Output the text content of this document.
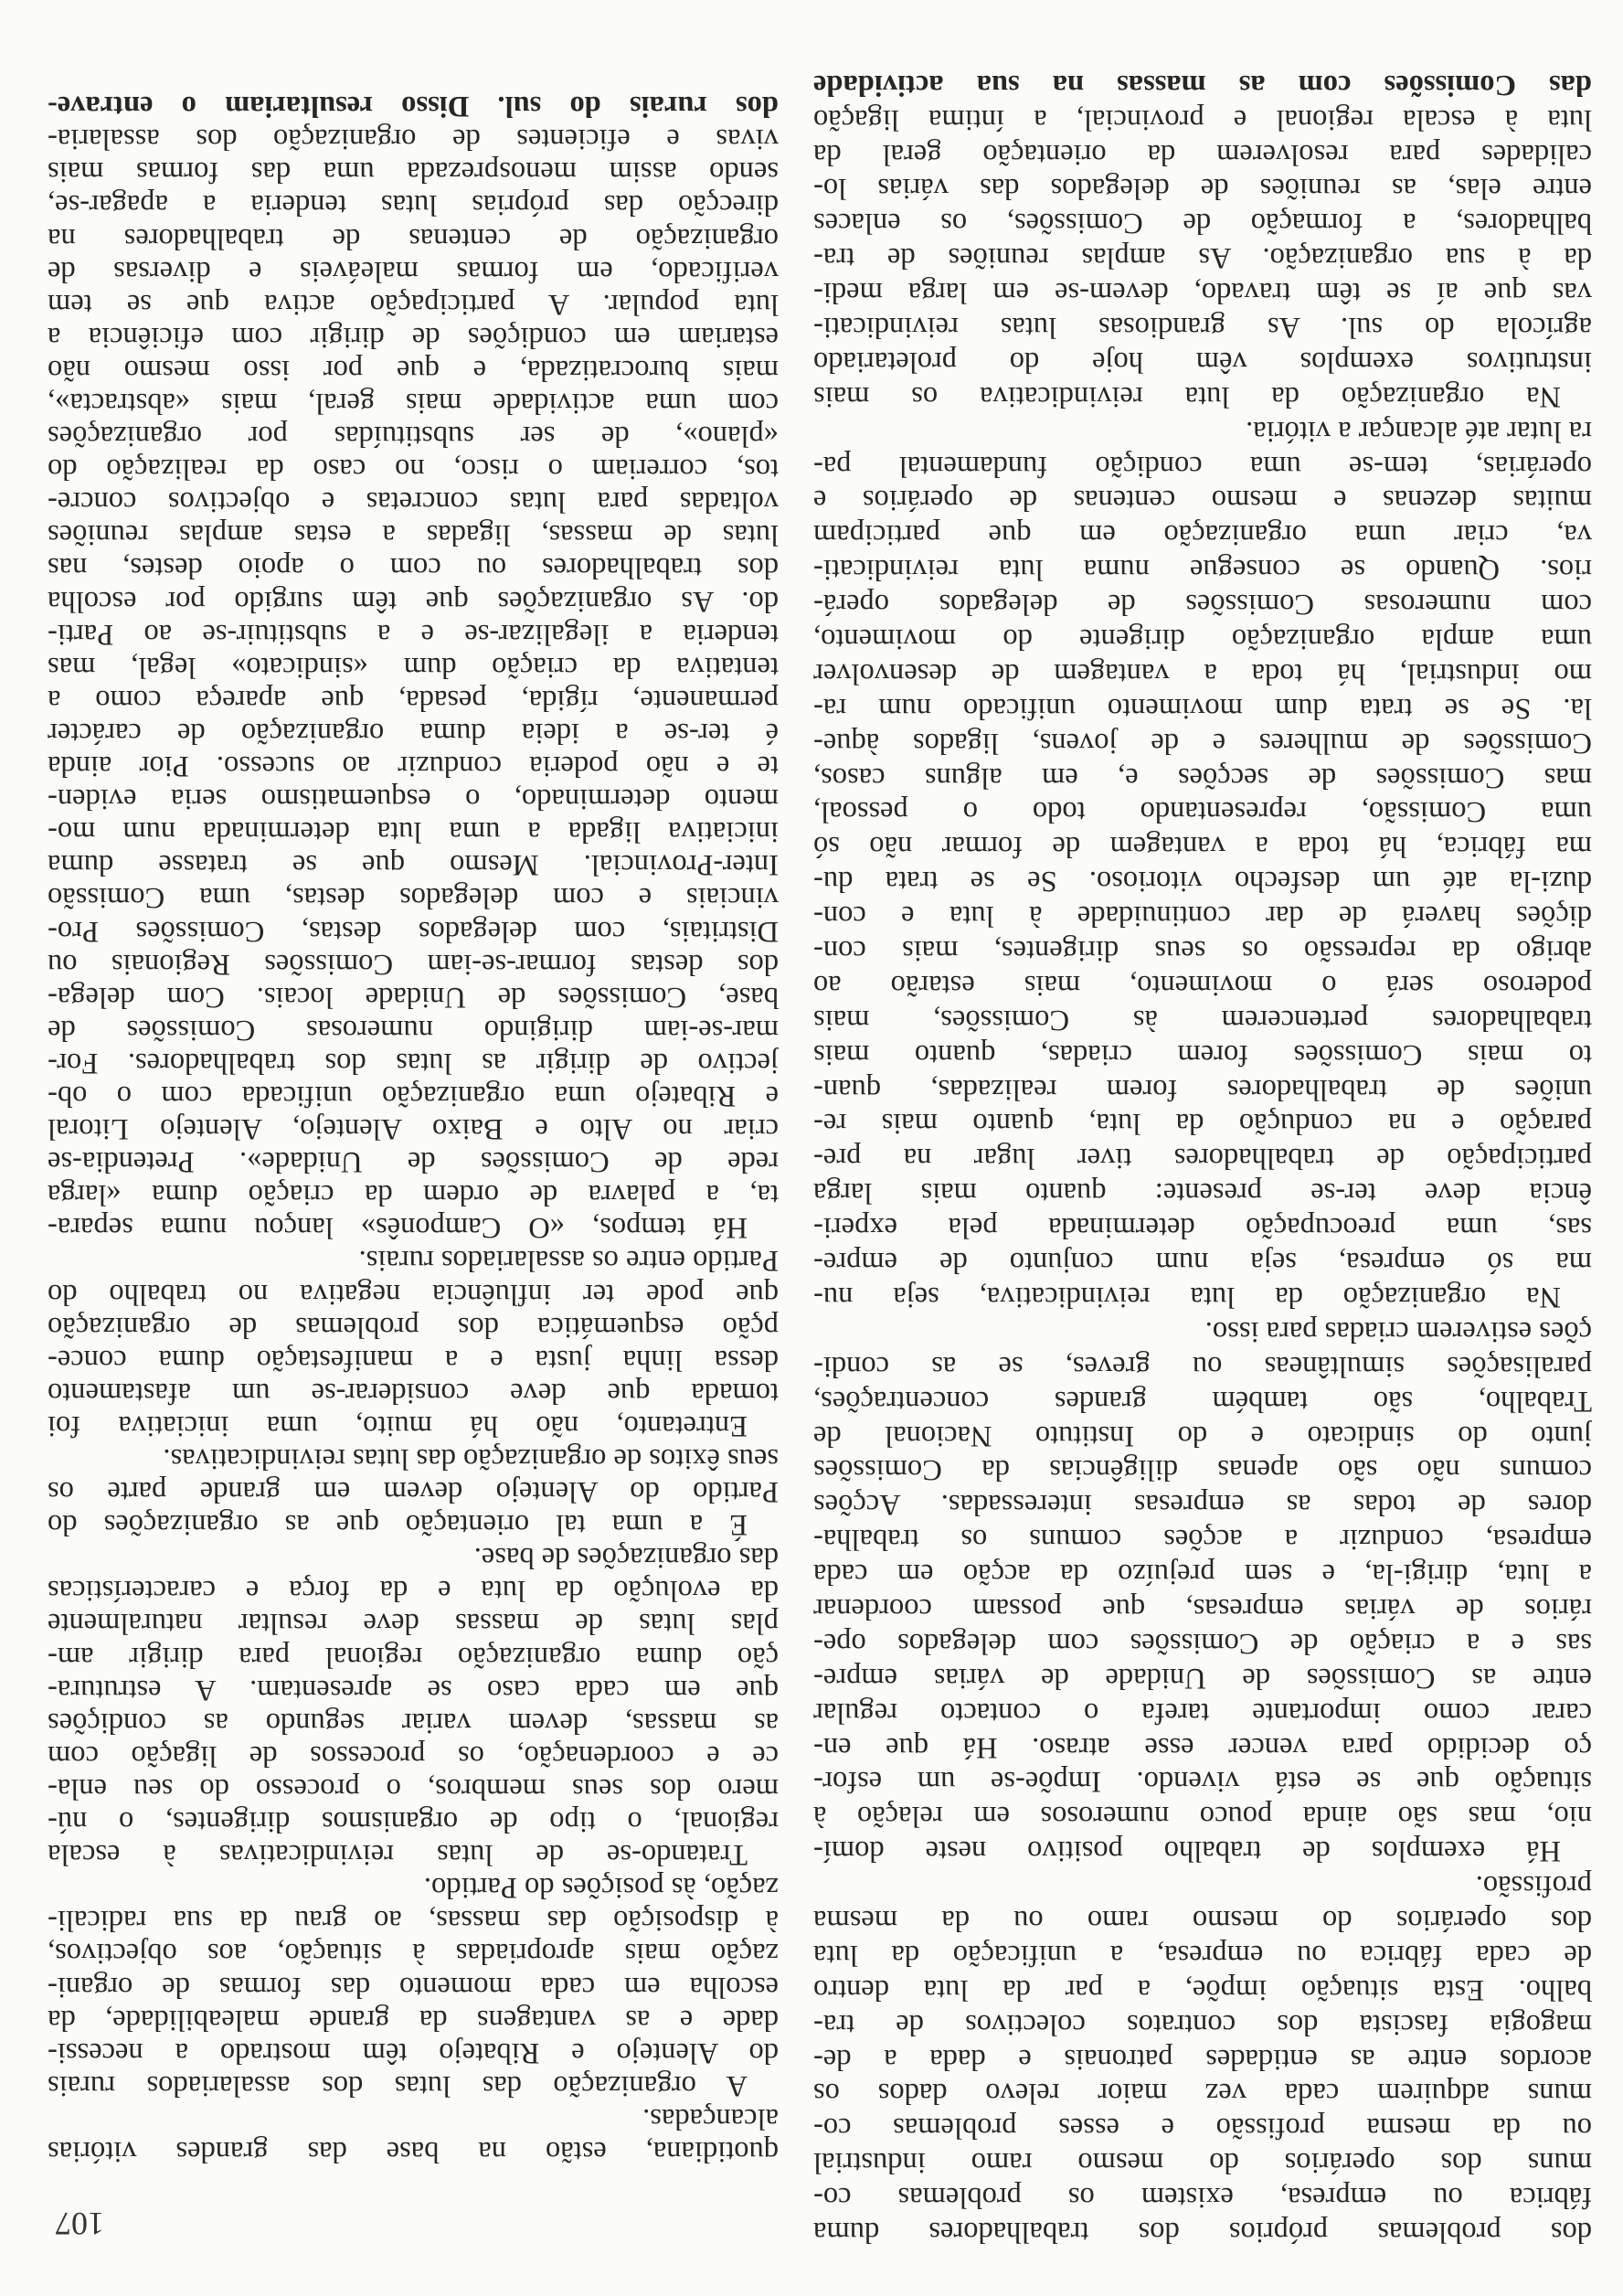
107	dos problemas próprios dos trabalhadores duma
fábrica ou empresa, existem os problemas co-
muns dos operários do mesmo ramo industrial
ou da mesma profissão e esses problemas co-
muns adquirem cada vez maior relevo dados os
acordos entre as entidades patronais e dada a de-
magogia fascista dos contratos colectivos de tra-
balho. Esta situação impõe, a par da luta dentro
de cada fábrica ou empresa, a unificação da luta
dos operários do mesmo ramo ou da mesma
profissão.
Há exemplos de trabalho positivo neste domí-
nio, mas são ainda pouco numerosos em relação à
situação que se está vivendo. Impõe-se um esfor-
ço decidido para vencer esse atraso. Há que en-
carar como importante tarefa o contacto regular
entre as Comissões de Unidade de várias empre-
sas e a criação de Comissões com delegados ope-
rários de várias empresas, que possam coordenar
a luta, dirigi-la, e sem prejuízo da acção em cada
empresa, conduzir a acções comuns os trabalha-
dores de todas as empresas interessadas. Acções
comuns não são apenas diligências da Comissões
junto do sindicato e do Instituto Nacional de
Trabalho, são também grandes concentrações,
paralisações simultâneas ou greves, se as condi-
ções estiverem criadas para isso.
Na organização da luta reivindicativa, seja nu-
ma só empresa, seja num conjunto de empre-
sas, uma preocupação determinada pela experi-
ência deve ter-se presente: quanto mais larga
participação de trabalhadores tiver lugar na pre-
paração e na condução da luta, quanto mais re-
uniões de trabalhadores forem realizadas, quan-
to mais Comissões forem criadas, quanto mais
trabalhadores pertencerem às Comissões, mais
poderoso será o movimento, mais estarão ao
abrigo da repressão os seus dirigentes, mais con-
dições haverá de dar continuidade à luta e con-
duzi-la até um desfecho vitorioso. Se se trata du-
ma fábrica, há toda a vantagem de formar não só
uma Comissão, representando todo o pessoal,
mas Comissões de secções e, em alguns casos,
Comissões de mulheres e de jovens, ligados àque-
la. Se se trata dum movimento unificado num ra-
mo industrial, há toda a vantagem de desenvolver
uma ampla organização dirigente do movimento,
com numerosas Comissões de delegados operá-
rios. Quando se consegue numa luta reivindicati-
va, criar uma organização em que participam
muitas dezenas e mesmo centenas de operários e
operárias, tem-se uma condição fundamental pa-
ra lutar até alcançar a vitória.
Na organização da luta reivindicativa os mais
instrutivos exemplos vêm hoje do proletariado
agrícola do sul. As grandiosas lutas reivindicati-
vas que aí se têm travado, devem-se em larga medi-
da à sua organização. As amplas reuniões de tra-
balhadores, a formação de Comissões, os enlaces
entre elas, as reuniões de delegados das várias lo-
calidades para resolverem da orientação geral da
luta à escala regional e provincial, a íntima ligação
das Comissões com as massas na sua actividade
quotidiana, estão na base das grandes vitórias
alcançadas.
A organização das lutas dos assalariados rurais
do Alentejo e Ribatejo têm mostrado a necessi-
dade e as vantagens da grande maleabilidade, da
escolha em cada momento das formas de organi-
zação mais apropriadas à situação, aos objectivos,
à disposição das massas, ao grau da sua radicali-
zação, às posições do Partido.
Tratando-se de lutas reivindicativas à escala
regional, o tipo de organismos dirigentes, o nú-
mero dos seus membros, o processo do seu enla-
ce e coordenação, os processos de ligação com
as massas, devem variar segundo as condições
que em cada caso se apresentam. A estrutura-
ção duma organização regional para dirigir am-
plas lutas de massas deve resultar naturalmente
da evolução da luta e da força e características
das organizações de base.
É a uma tal orientação que as organizações do
Partido do Alentejo devem em grande parte os
seus êxitos de organização das lutas reivindicativas.
Entretanto, não há muito, uma iniciativa foi
tomada que deve considerar-se um afastamento
dessa linha justa e a manifestação duma conce-
pção esquemática dos problemas de organização
que pode ter influência negativa no trabalho do
Partido entre os assalariados rurais.
Há tempos, «O Camponês» lançou numa separa-
ta, a palavra de ordem da criação duma «larga
rede de Comissões de Unidade». Pretendia-se
criar no Alto e Baixo Alentejo, Alentejo Litoral
e Ribatejo uma organização unificada com o ob-
jectivo de dirigir as lutas dos trabalhadores. For-
mar-se-iam dirigindo numerosas Comissões de
base, Comissões de Unidade locais. Com delega-
dos destas formar-se-iam Comissões Regionais ou
Distritais, com delegados destas, Comissões Pro-
vinciais e com delegados destas, uma Comissão
Inter-Provincial. Mesmo que se tratasse duma
iniciativa ligada a uma luta determinada num mo-
mento determinado, o esquematismo seria eviden-
te e não poderia conduzir ao sucesso. Pior ainda
é ter-se a ideia duma organização de carácter
permanente, rígida, pesada, que apareça como a
tentativa da criação dum «sindicato» legal, mas
tenderia a ilegalizar-se e a substituir-se ao Parti-
do. As organizações que têm surgido por escolha
dos trabalhadores ou com o apoio destes, nas
lutas de massas, ligadas a estas amplas reuniões
voltadas para lutas concretas e objectivos concre-
tos, correriam o risco, no caso da realização do
«plano», de ser substituídas por organizações
com uma actividade mais geral, mais «abstracta»,
mais burocratizada, e que por isso mesmo não
estariam em condições de dirigir com eficiência a
luta popular. A participação activa que se tem
verificado, em formas maleáveis e diversas de
organização de centenas de trabalhadores na
direcção das próprias lutas tenderia a apagar-se,
sendo assim menosprezada uma das formas mais
vivas e eficientes de organização dos assalaria-
dos rurais do sul. Disso resultariam o entrave-
